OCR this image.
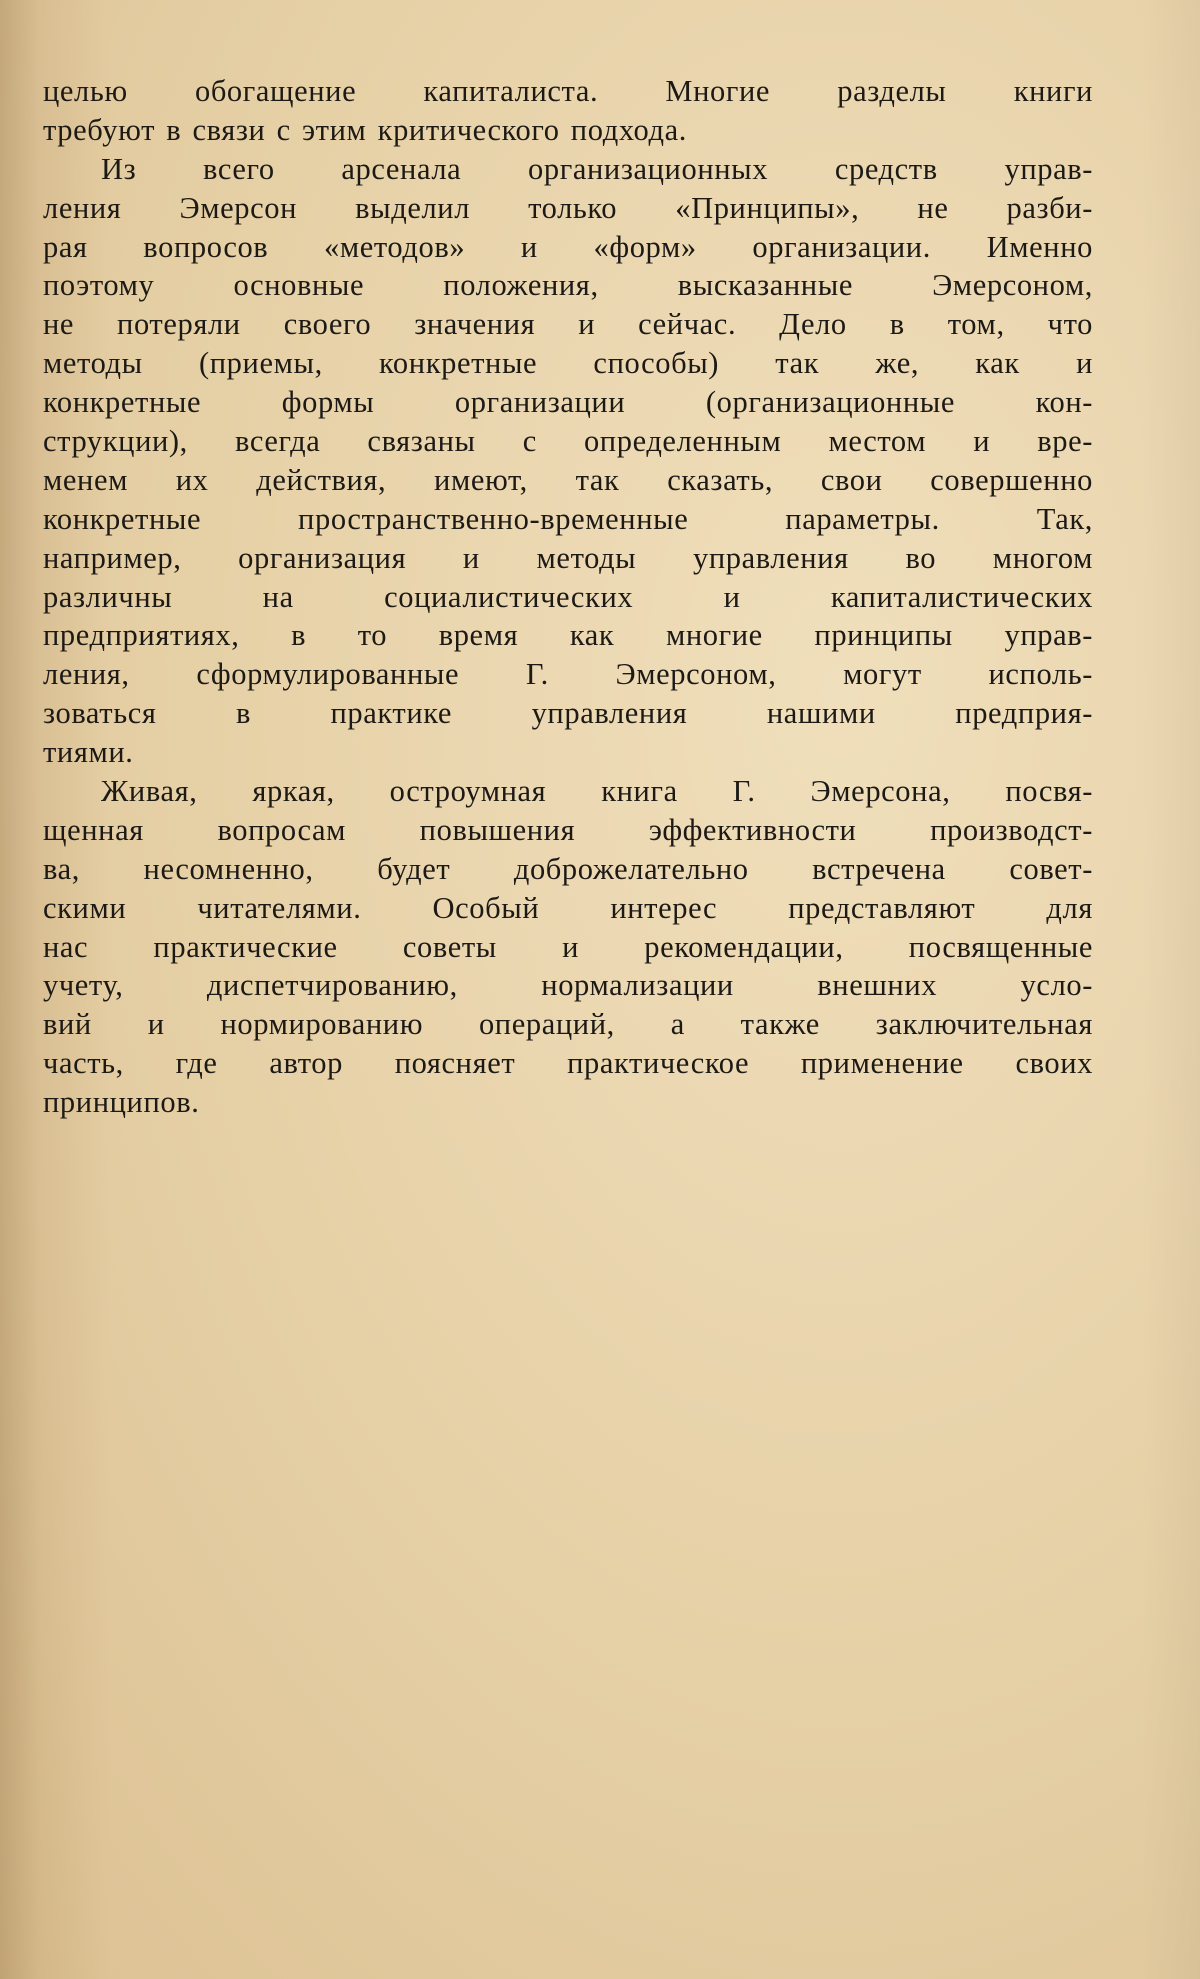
целью обогащение капиталиста. Многие разделы книги
требуют в связи с этим критического подхода.
Из всего арсенала организационных средств управ-
ления Эмерсон выделил только «Принципы», не разби-
рая вопросов «методов» и «форм» организации. Именно
поэтому основные положения, высказанные Эмерсоном,
не потеряли своего значения и сейчас. Дело в том, что
методы (приемы, конкретные способы) так же, как и
конкретные формы организации (организационные кон-
струкции), всегда связаны с определенным местом и вре-
менем их действия, имеют, так сказать, свои совершенно
конкретные пространственно-временные параметры. Так,
например, организация и методы управления во многом
различны на социалистических и капиталистических
предприятиях, в то время как многие принципы управ-
ления, сформулированные Г. Эмерсоном, могут исполь-
зоваться в практике управления нашими предприя-
тиями.
Живая, яркая, остроумная книга Г. Эмерсона, посвя-
щенная вопросам повышения эффективности производст-
ва, несомненно, будет доброжелательно встречена совет-
скими читателями. Особый интерес представляют для
нас практические советы и рекомендации, посвященные
учету, диспетчированию, нормализации внешних усло-
вий и нормированию операций, а также заключительная
часть, где автор поясняет практическое применение своих
принципов.
